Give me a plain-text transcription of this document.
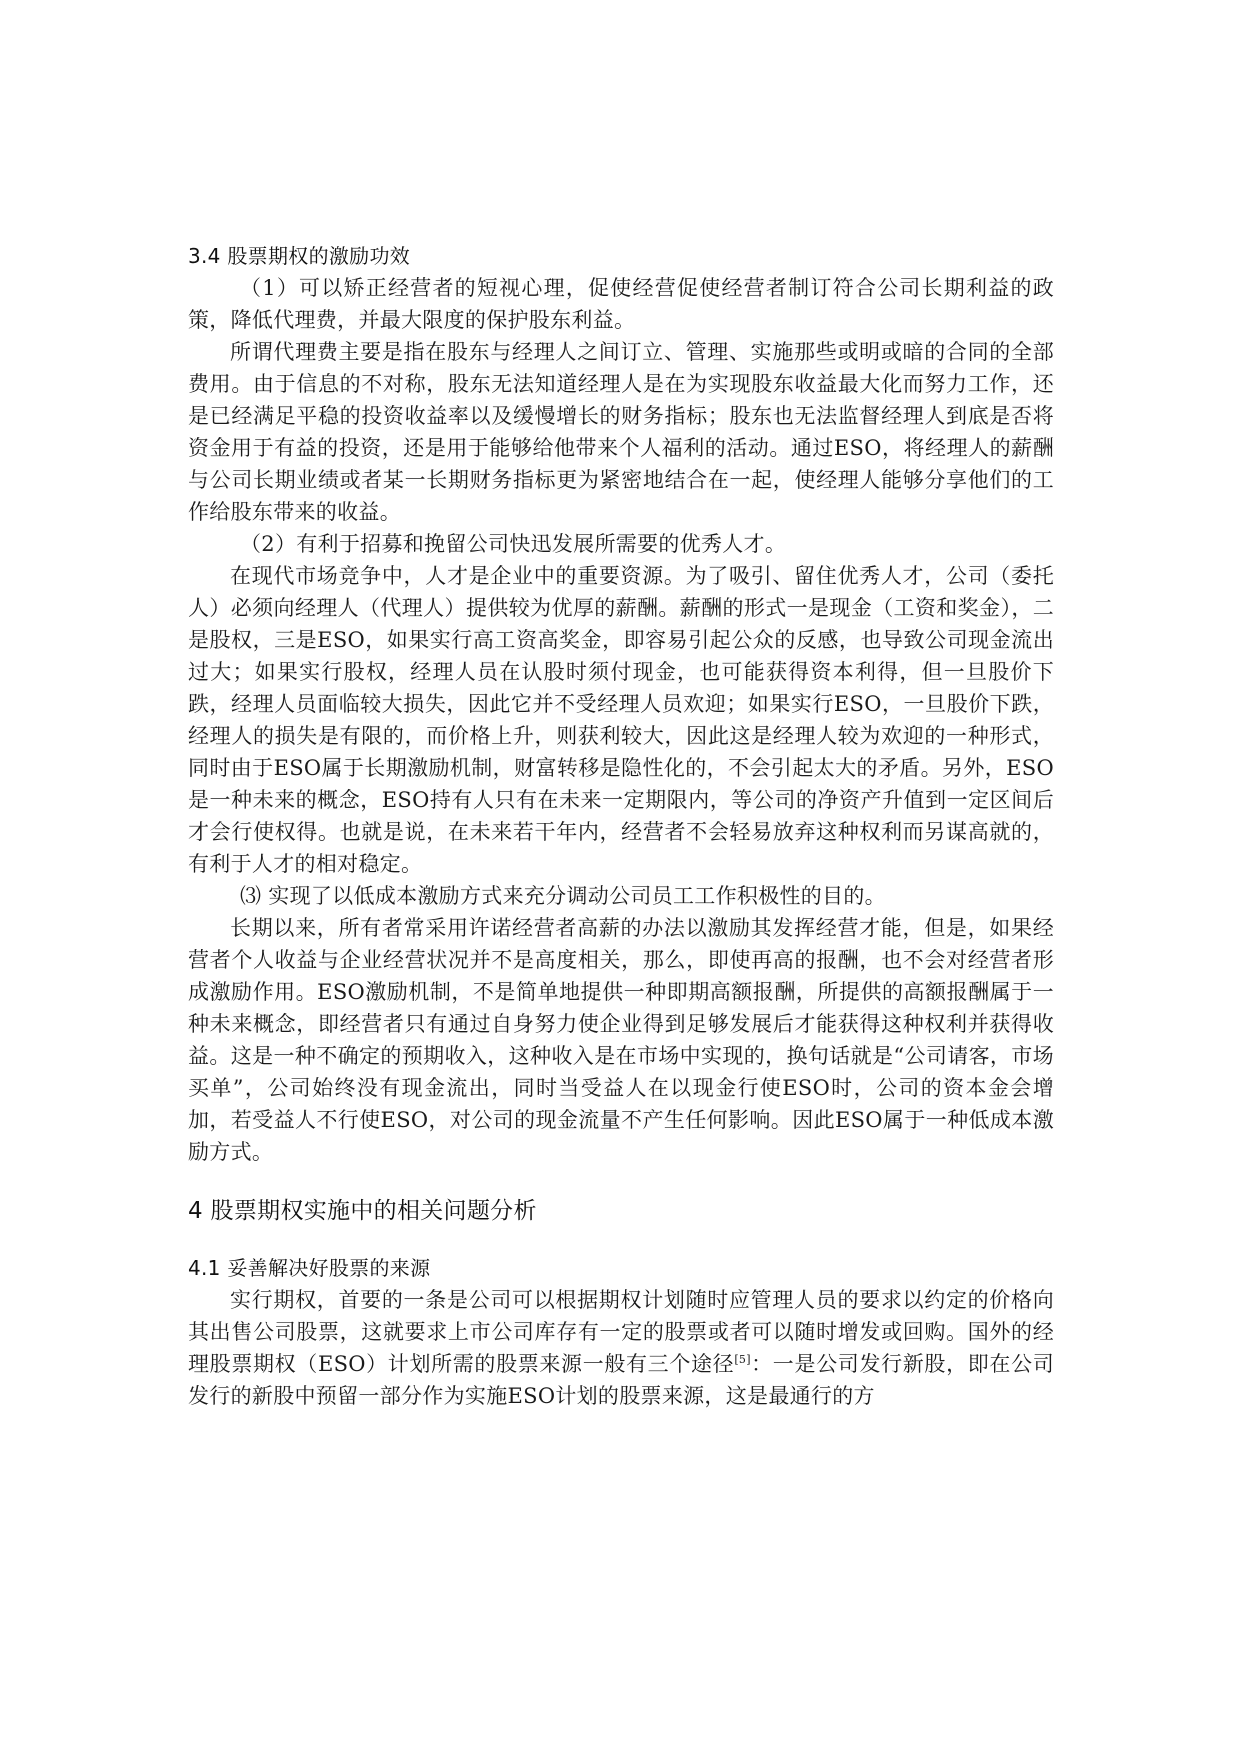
3.4 股票期权的激励功效

（1）可以矫正经营者的短视心理，促使经营促使经营者制订符合公司长期利益的政策，降低代理费，并最大限度的保护股东利益。

所谓代理费主要是指在股东与经理人之间订立、管理、实施那些或明或暗的合同的全部费用。由于信息的不对称，股东无法知道经理人是在为实现股东收益最大化而努力工作，还是已经满足平稳的投资收益率以及缓慢增长的财务指标；股东也无法监督经理人到底是否将资金用于有益的投资，还是用于能够给他带来个人福利的活动。通过ESO，将经理人的薪酬与公司长期业绩或者某一长期财务指标更为紧密地结合在一起，使经理人能够分享他们的工作给股东带来的收益。

（2）有利于招募和挽留公司快迅发展所需要的优秀人才。

在现代市场竞争中，人才是企业中的重要资源。为了吸引、留住优秀人才，公司（委托人）必须向经理人（代理人）提供较为优厚的薪酬。薪酬的形式一是现金（工资和奖金），二是股权，三是ESO，如果实行高工资高奖金，即容易引起公众的反感，也导致公司现金流出过大；如果实行股权，经理人员在认股时须付现金，也可能获得资本利得，但一旦股价下跌，经理人员面临较大损失，因此它并不受经理人员欢迎；如果实行ESO，一旦股价下跌，经理人的损失是有限的，而价格上升，则获利较大，因此这是经理人较为欢迎的一种形式，同时由于ESO属于长期激励机制，财富转移是隐性化的，不会引起太大的矛盾。另外，ESO是一种未来的概念，ESO持有人只有在未来一定期限内，等公司的净资产升值到一定区间后才会行使权得。也就是说，在未来若干年内，经营者不会轻易放弃这种权利而另谋高就的，有利于人才的相对稳定。

⑶ 实现了以低成本激励方式来充分调动公司员工工作积极性的目的。

长期以来，所有者常采用许诺经营者高薪的办法以激励其发挥经营才能，但是，如果经营者个人收益与企业经营状况并不是高度相关，那么，即使再高的报酬，也不会对经营者形成激励作用。ESO激励机制，不是简单地提供一种即期高额报酬，所提供的高额报酬属于一种未来概念，即经营者只有通过自身努力使企业得到足够发展后才能获得这种权利并获得收益。这是一种不确定的预期收入，这种收入是在市场中实现的，换句话就是“公司请客，市场买单”，公司始终没有现金流出，同时当受益人在以现金行使ESO时，公司的资本金会增加，若受益人不行使ESO，对公司的现金流量不产生任何影响。因此ESO属于一种低成本激励方式。

4 股票期权实施中的相关问题分析

4.1 妥善解决好股票的来源

实行期权，首要的一条是公司可以根据期权计划随时应管理人员的要求以约定的价格向其出售公司股票，这就要求上市公司库存有一定的股票或者可以随时增发或回购。国外的经理股票期权（ESO）计划所需的股票来源一般有三个途径[5]：一是公司发行新股，即在公司发行的新股中预留一部分作为实施ESO计划的股票来源，这是最通行的方
